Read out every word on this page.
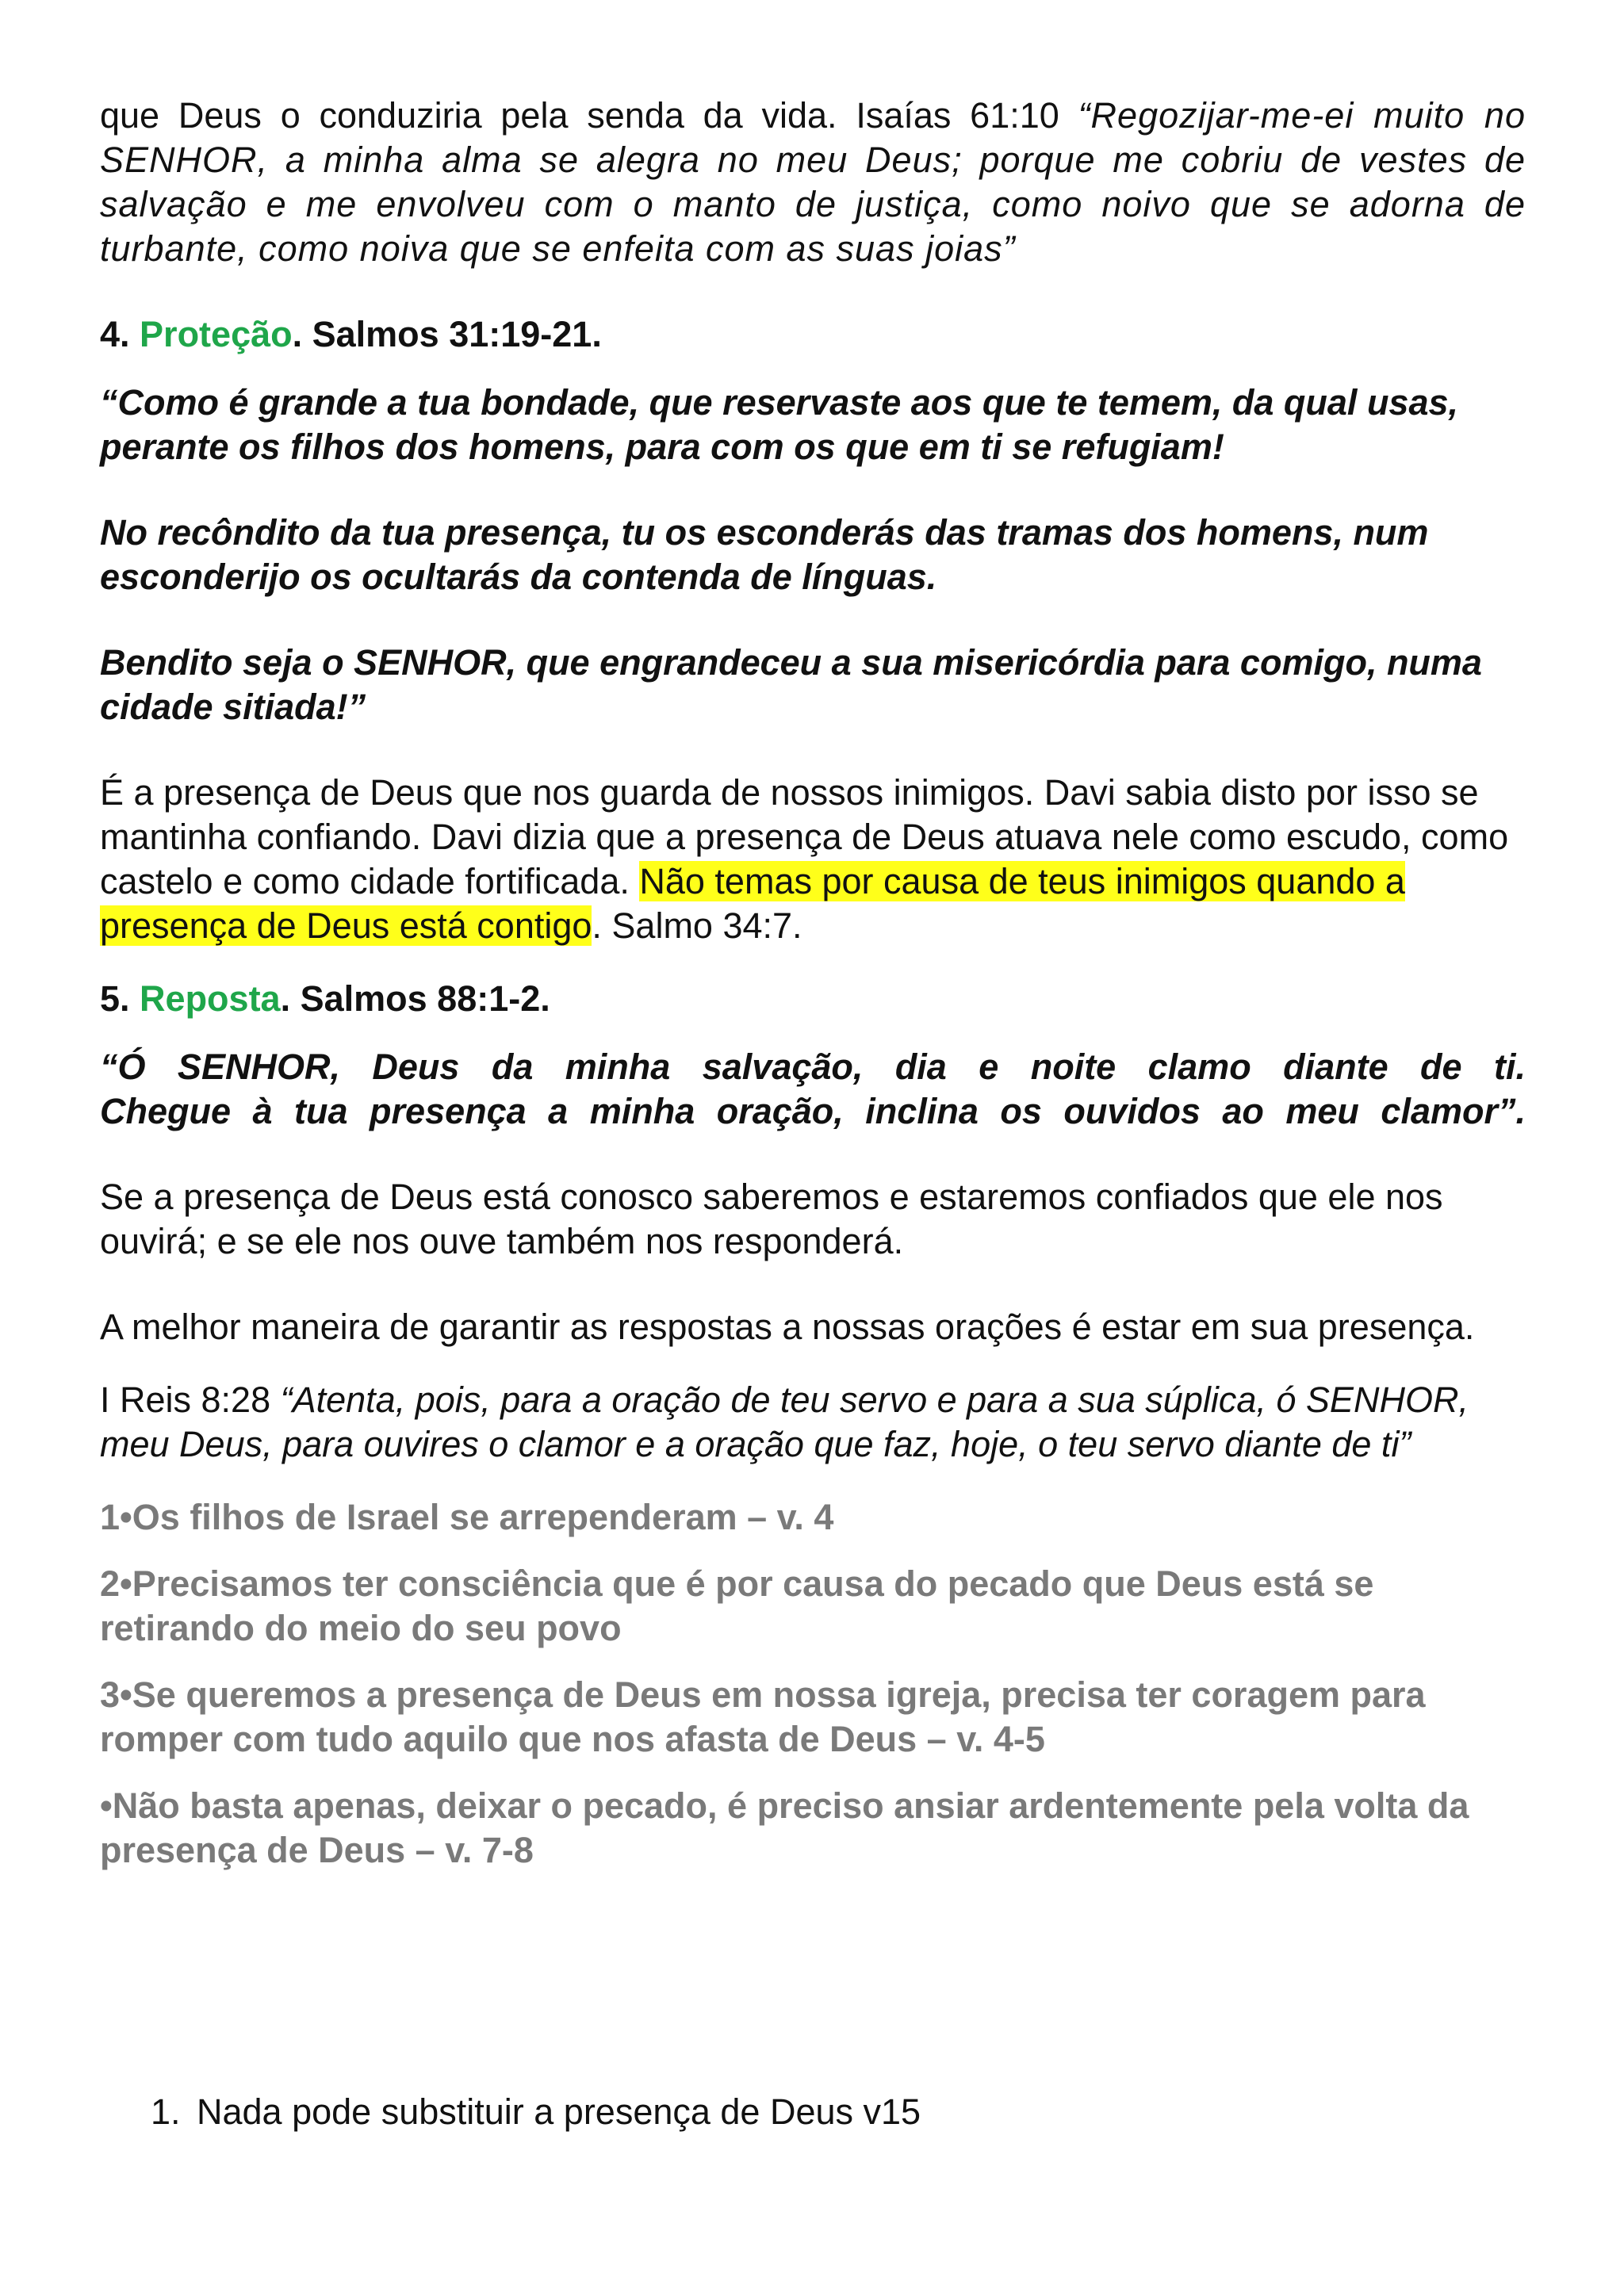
que Deus o conduziria pela senda da vida. Isaías 61:10 “Regozijar-me-ei muito no SENHOR, a minha alma se alegra no meu Deus; porque me cobriu de vestes de salvação e me envolveu com o manto de justiça, como noivo que se adorna de turbante, como noiva que se enfeita com as suas joias”

4. Proteção. Salmos 31:19-21.

“Como é grande a tua bondade, que reservaste aos que te temem, da qual usas, perante os filhos dos homens, para com os que em ti se refugiam!

No recôndito da tua presença, tu os esconderás das tramas dos homens, num esconderijo os ocultarás da contenda de línguas.

Bendito seja o SENHOR, que engrandeceu a sua misericórdia para comigo, numa cidade sitiada!”

É a presença de Deus que nos guarda de nossos inimigos. Davi sabia disto por isso se mantinha confiando. Davi dizia que a presença de Deus atuava nele como escudo, como castelo e como cidade fortificada. Não temas por causa de teus inimigos quando a presença de Deus está contigo. Salmo 34:7.

5. Reposta. Salmos 88:1-2.

“Ó SENHOR, Deus da minha salvação, dia e noite clamo diante de ti. Chegue à tua presença a minha oração, inclina os ouvidos ao meu clamor”.

Se a presença de Deus está conosco saberemos e estaremos confiados que ele nos ouvirá; e se ele nos ouve também nos responderá.

A melhor maneira de garantir as respostas a nossas orações é estar em sua presença.

I Reis 8:28 “Atenta, pois, para a oração de teu servo e para a sua súplica, ó SENHOR, meu Deus, para ouvires o clamor e a oração que faz, hoje, o teu servo diante de ti”

1•Os filhos de Israel se arrependeram – v. 4

2•Precisamos ter consciência que é por causa do pecado que Deus está se retirando do meio do seu povo

3•Se queremos a presença de Deus em nossa igreja, precisa ter coragem para romper com tudo aquilo que nos afasta de Deus – v. 4-5

•Não basta apenas, deixar o pecado, é preciso ansiar ardentemente pela volta da presença de Deus – v. 7-8

1. Nada pode substituir a presença de Deus v15
